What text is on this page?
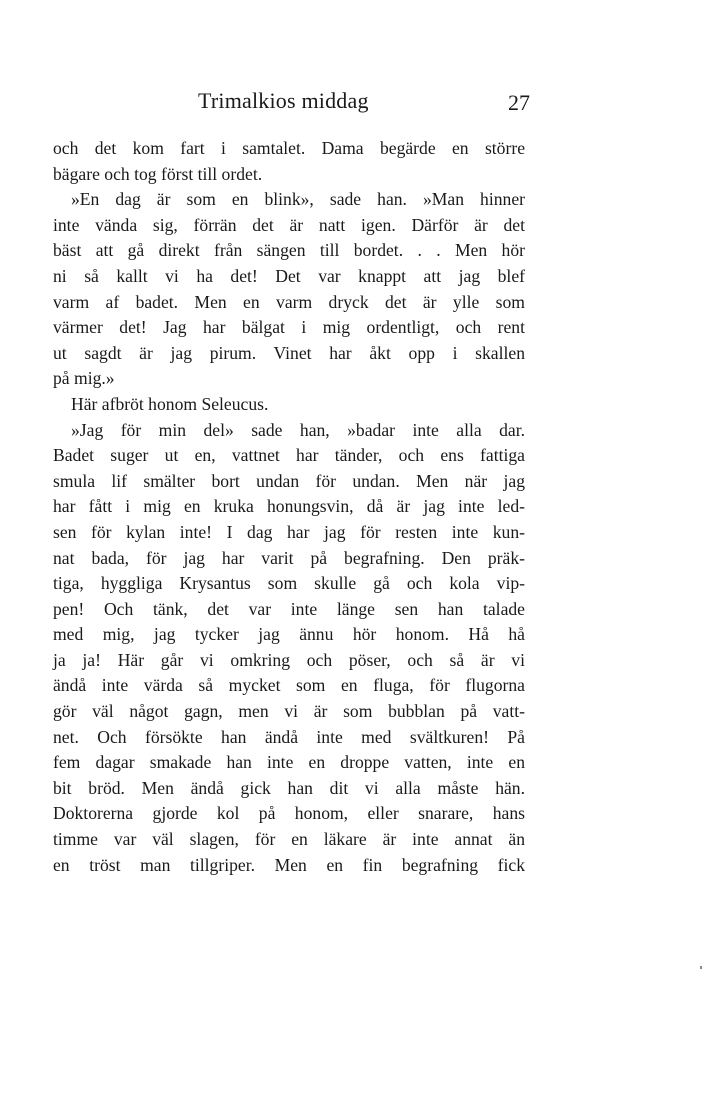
Trimalkios middag	27
och det kom fart i samtalet. Dama begärde en större
bägare och tog först till ordet.
»En dag är som en blink», sade han. »Man hinner
inte vända sig, förrän det är natt igen. Därför är det
bäst att gå direkt från sängen till bordet. . . Men hör
ni så kallt vi ha det! Det var knappt att jag blef
varm af badet. Men en varm dryck det är ylle som
värmer det! Jag har bälgat i mig ordentligt, och rent
ut sagdt är jag pirum. Vinet har åkt opp i skallen
på mig.»
Här afbröt honom Seleucus.
»Jag för min del» sade han, »badar inte alla dar.
Badet suger ut en, vattnet har tänder, och ens fattiga
smula lif smälter bort undan för undan. Men när jag
har fått i mig en kruka honungsvin, då är jag inte led-
sen för kylan inte! I dag har jag för resten inte kun-
nat bada, för jag har varit på begrafning. Den präk-
tiga, hyggliga Krysantus som skulle gå och kola vip-
pen! Och tänk, det var inte länge sen han talade
med mig, jag tycker jag ännu hör honom. Hå hå
ja ja! Här går vi omkring och pöser, och så är vi
ändå inte värda så mycket som en fluga, för flugorna
gör väl något gagn, men vi är som bubblan på vatt-
net. Och försökte han ändå inte med svältkuren! På
fem dagar smakade han inte en droppe vatten, inte en
bit bröd. Men ändå gick han dit vi alla måste hän.
Doktorerna gjorde kol på honom, eller snarare, hans
timme var väl slagen, för en läkare är inte annat än
en tröst man tillgriper. Men en fin begrafning fick
